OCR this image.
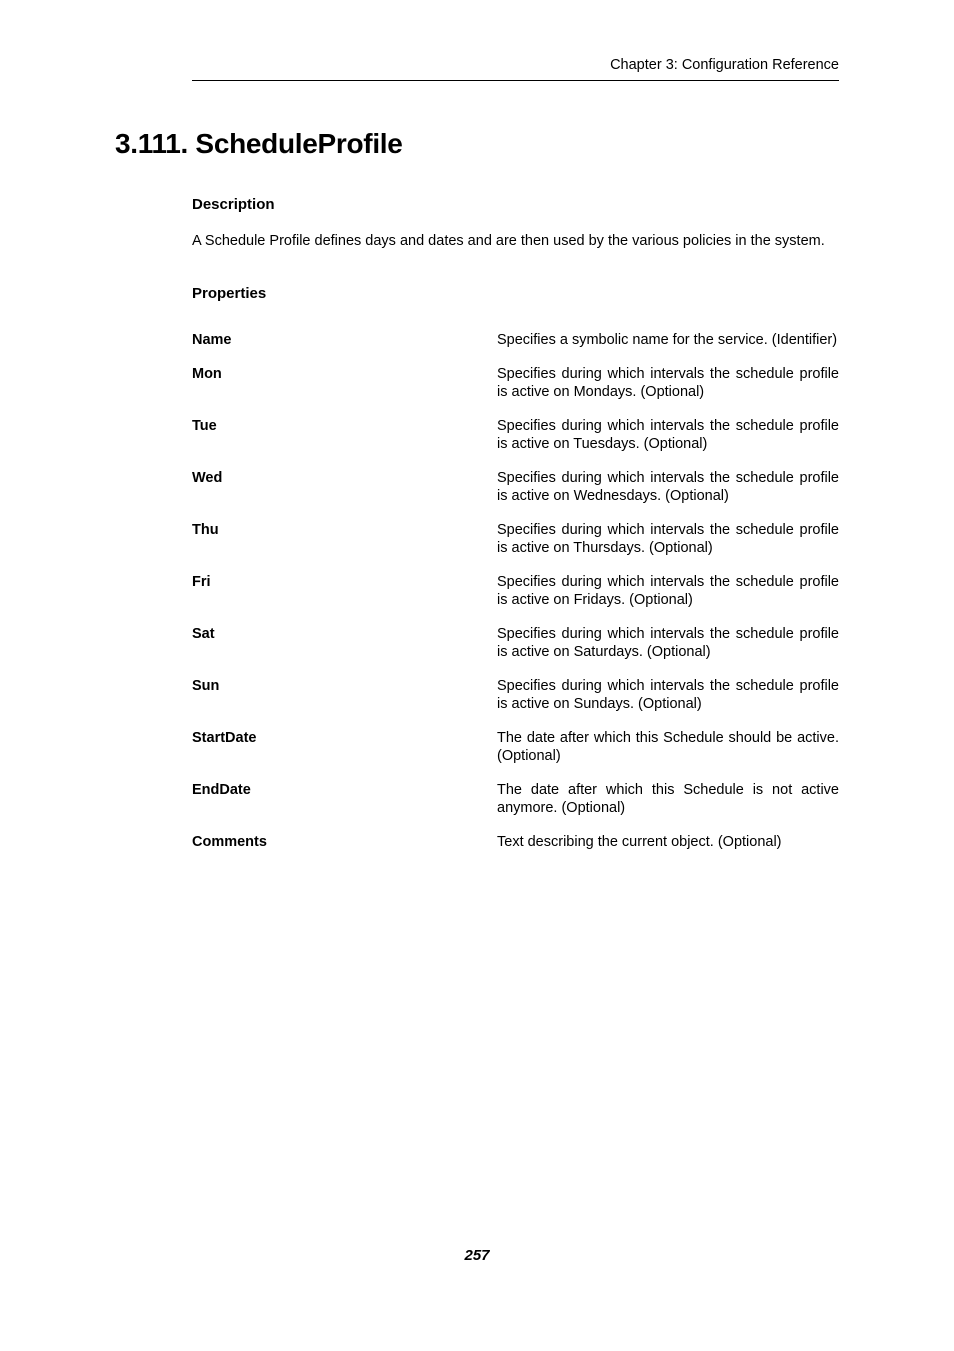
Chapter 3: Configuration Reference
3.111. ScheduleProfile
Description

A Schedule Profile defines days and dates and are then used by the various policies in the system.

Properties
Name	Specifies a symbolic name for the service. (Identifier)
Mon	Specifies during which intervals the schedule profile is active on Mondays. (Optional)
Tue	Specifies during which intervals the schedule profile is active on Tuesdays. (Optional)
Wed	Specifies during which intervals the schedule profile is active on Wednesdays. (Optional)
Thu	Specifies during which intervals the schedule profile is active on Thursdays. (Optional)
Fri	Specifies during which intervals the schedule profile is active on Fridays. (Optional)
Sat	Specifies during which intervals the schedule profile is active on Saturdays. (Optional)
Sun	Specifies during which intervals the schedule profile is active on Sundays. (Optional)
StartDate	The date after which this Schedule should be active. (Optional)
EndDate	The date after which this Schedule is not active anymore. (Optional)
Comments	Text describing the current object. (Optional)
257
